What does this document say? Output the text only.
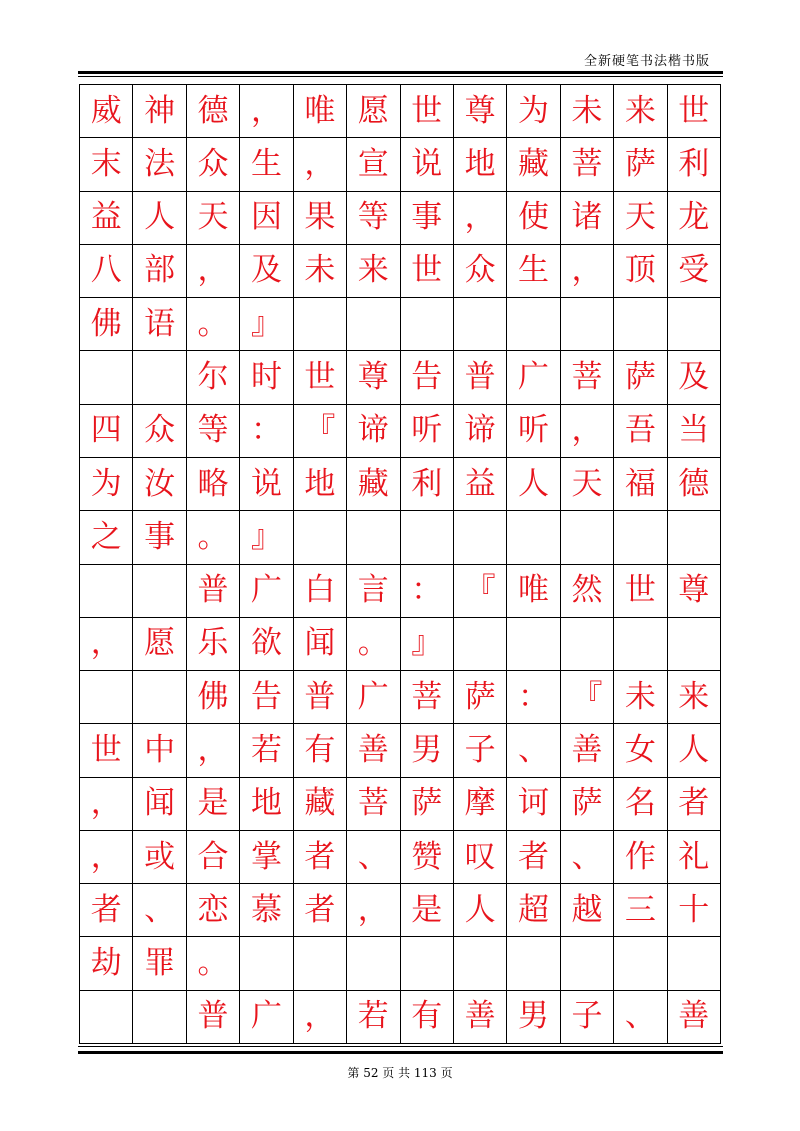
全新硬笔书法楷书版
威 神 德 ， 唯 愿 世 尊 为 未 来 世
末 法 众 生 ， 宣 说 地 藏 菩 萨 利
益 人 天 因 果 等 事 ， 使 诸 天 龙
八 部 ， 及 未 来 世 众 生 ， 顶 受
佛 语 。 』
尔 时 世 尊 告 普 广 菩 萨 及
四 众 等 ： 『 谛 听 谛 听 ， 吾 当
为 汝 略 说 地 藏 利 益 人 天 福 德
之 事 。 』
普 广 白 言 ： 『 唯 然 世 尊
， 愿 乐 欲 闻 。 』
佛 告 普 广 菩 萨 ： 『 未 来
世 中 ， 若 有 善 男 子 、 善 女 人
， 闻 是 地 藏 菩 萨 摩 诃 萨 名 者
， 或 合 掌 者 、 赞 叹 者 、 作 礼
者 、 恋 慕 者 ， 是 人 超 越 三 十
劫 罪 。
普 广 ， 若 有 善 男 子 、 善
第 52 页 共 113 页
